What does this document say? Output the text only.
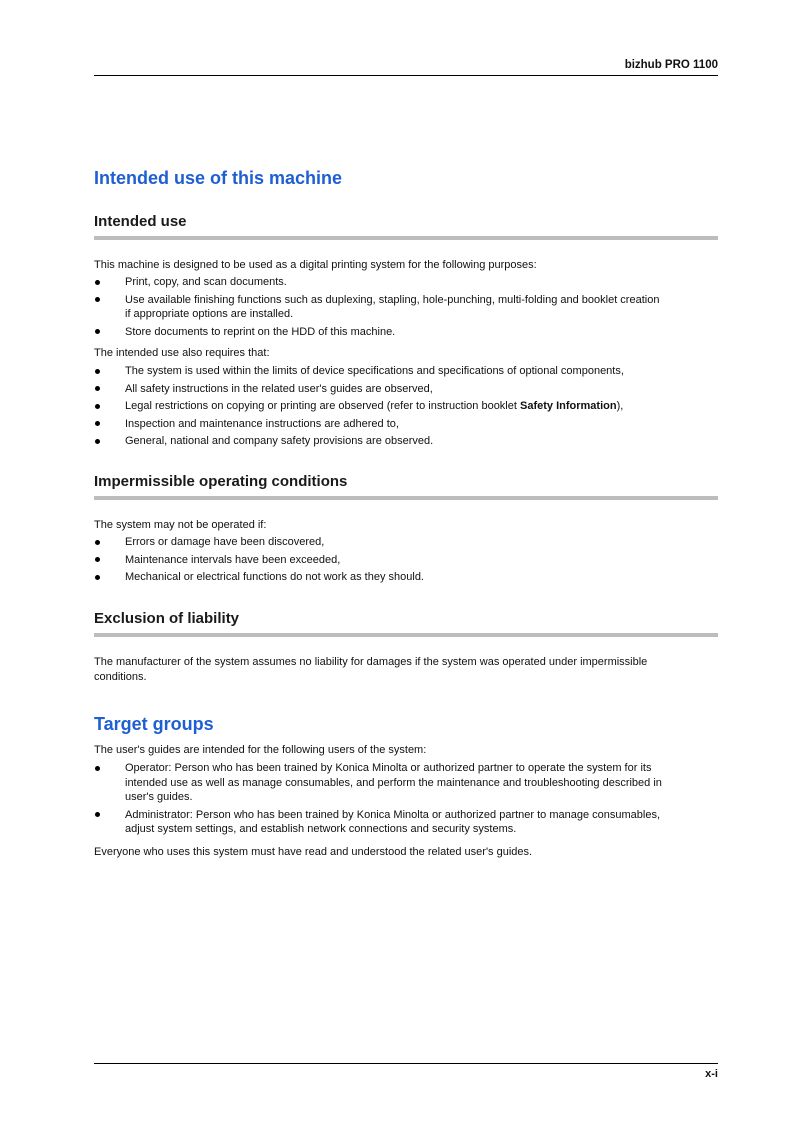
bizhub PRO 1100
Intended use of this machine
Intended use

This machine is designed to be used as a digital printing system for the following purposes:

Print, copy, and scan documents.
Use available finishing functions such as duplexing, stapling, hole-punching, multi-folding and booklet creation
if appropriate options are installed.
Store documents to reprint on the HDD of this machine.

The intended use also requires that:

The system is used within the limits of device specifications and specifications of optional components,
All safety instructions in the related user's guides are observed,
Legal restrictions on copying or printing are observed (refer to instruction booklet Safety Information),
Inspection and maintenance instructions are adhered to,
General, national and company safety provisions are observed.
Impermissible operating conditions

The system may not be operated if:

Errors or damage have been discovered,
Maintenance intervals have been exceeded,
Mechanical or electrical functions do not work as they should.
Exclusion of liability

The manufacturer of the system assumes no liability for damages if the system was operated under impermissible
conditions.

Target groups

The user's guides are intended for the following users of the system:

Operator: Person who has been trained by Konica Minolta or authorized partner to operate the system for its
intended use as well as manage consumables, and perform the maintenance and troubleshooting described in
user's guides.
Administrator: Person who has been trained by Konica Minolta or authorized partner to manage consumables,
adjust system settings, and establish network connections and security systems.

Everyone who uses this system must have read and understood the related user's guides.

x-i
